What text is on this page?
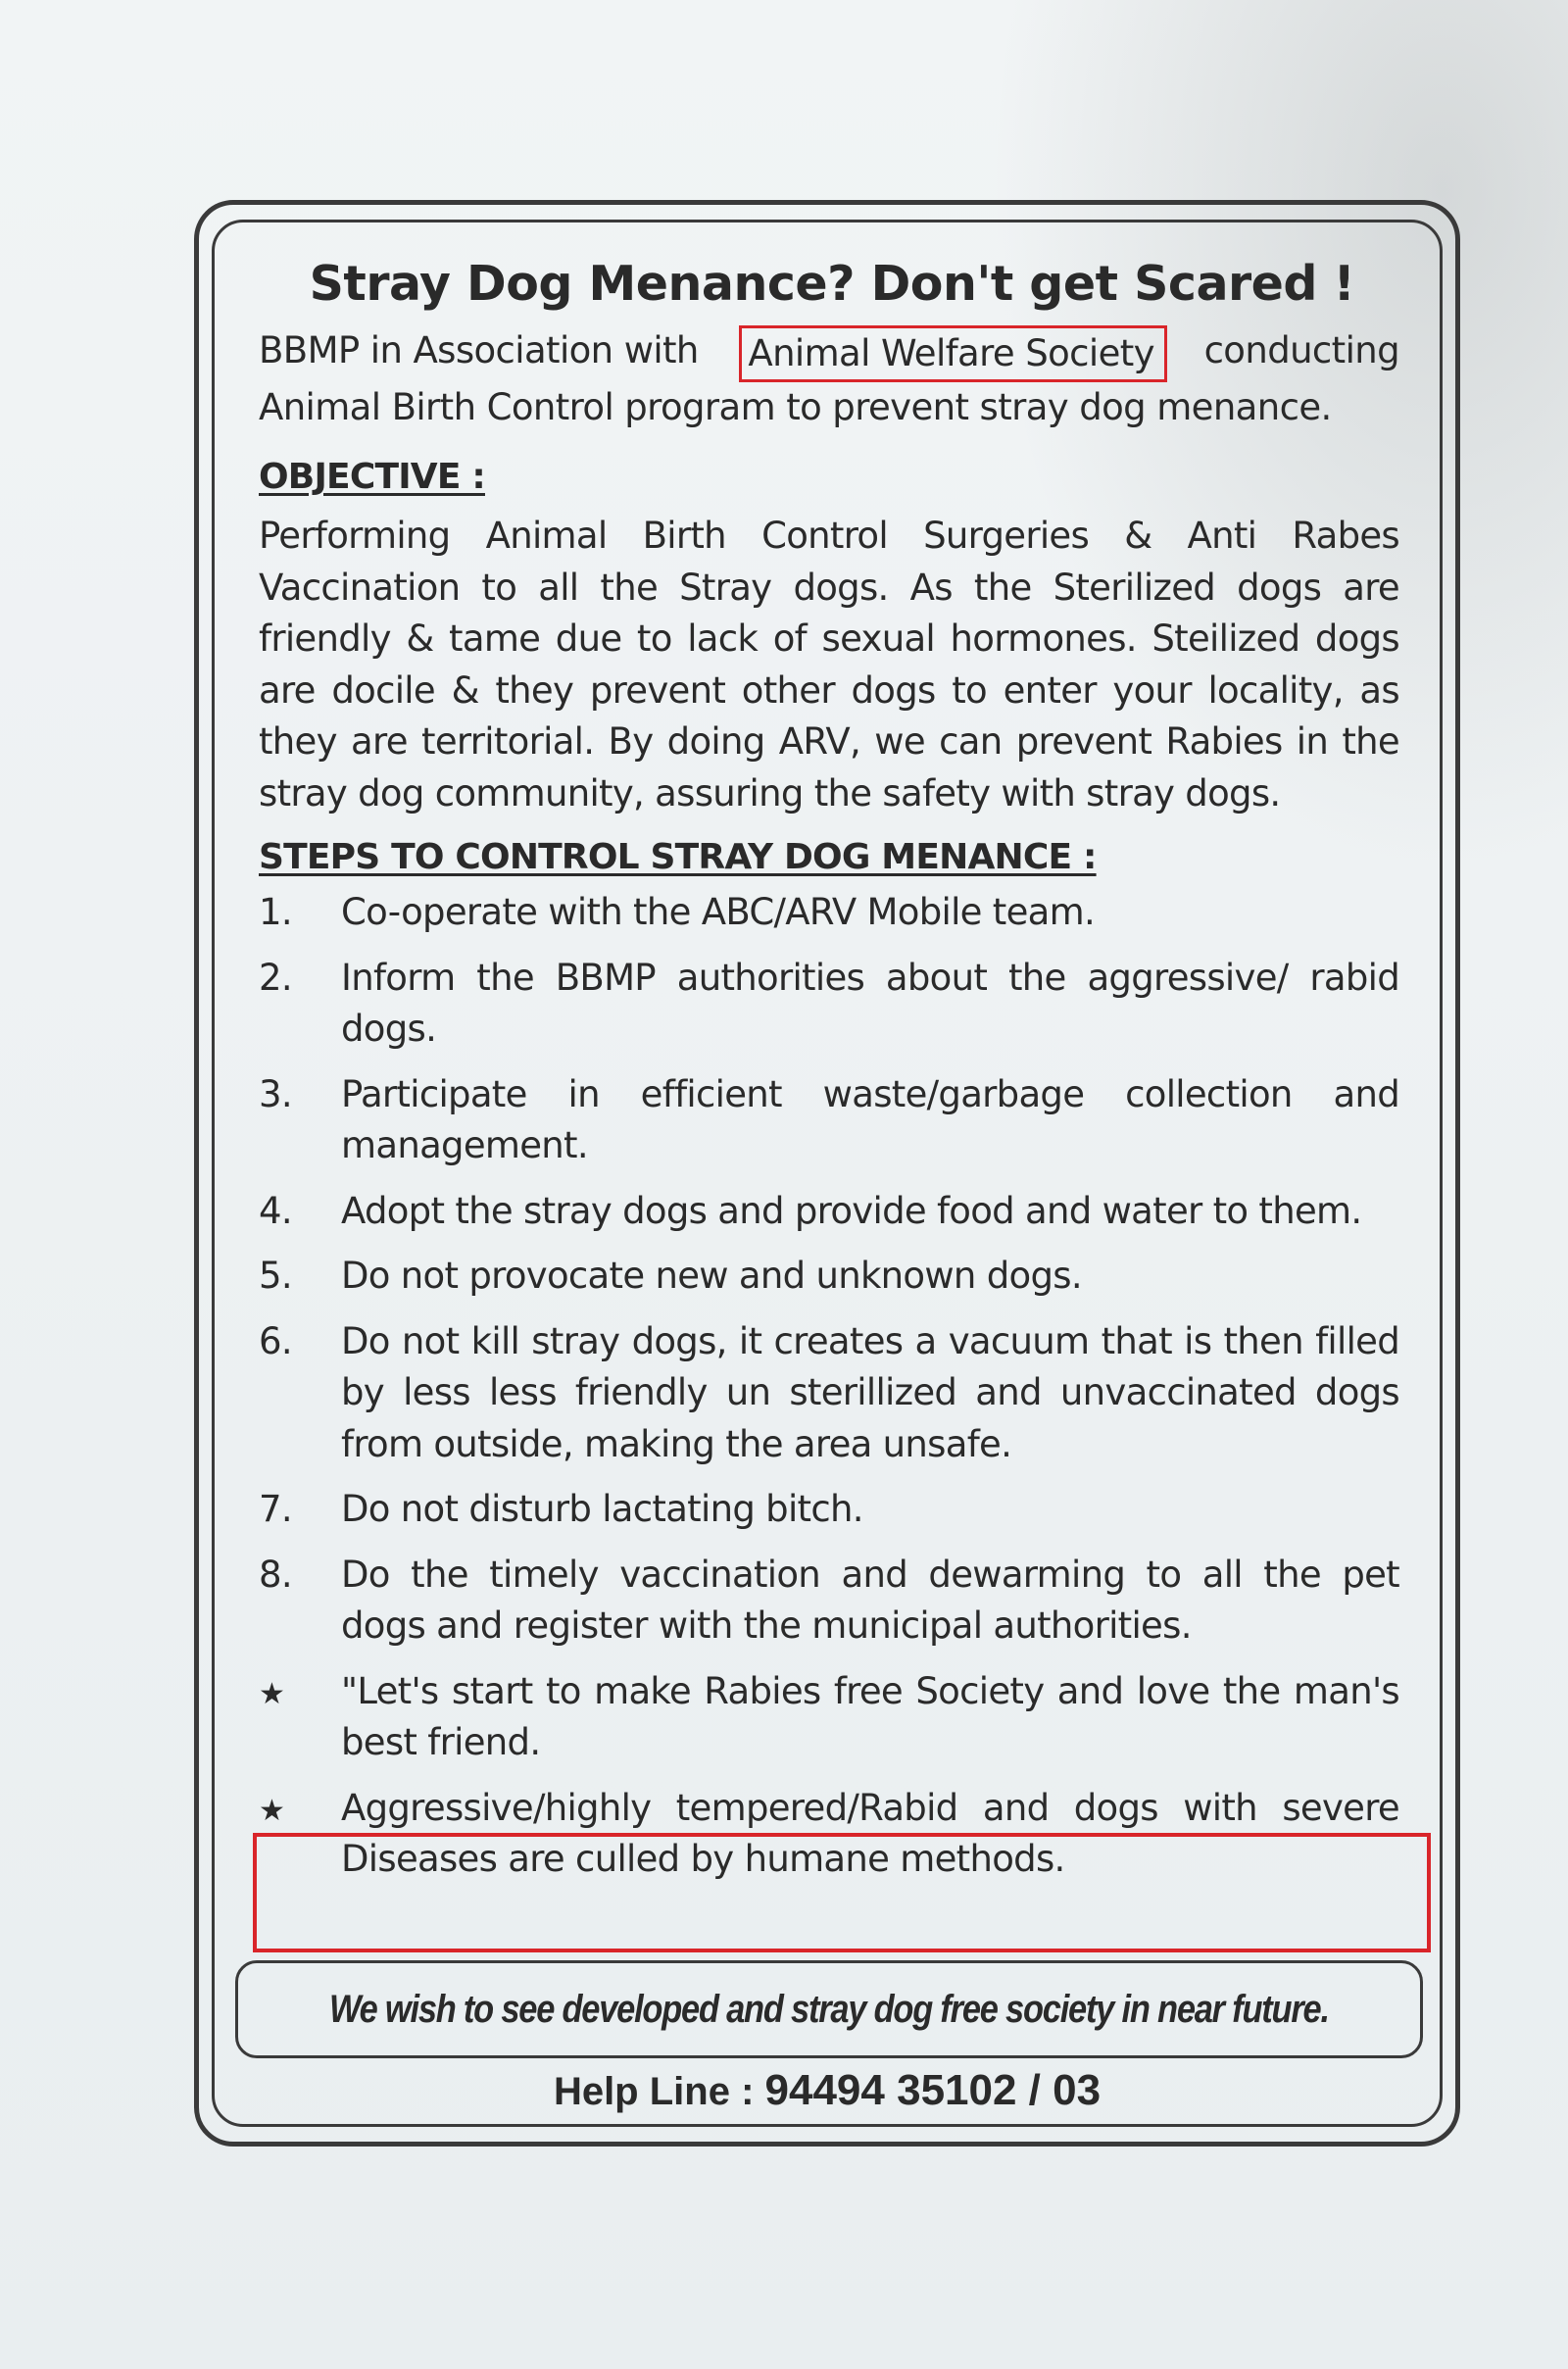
Stray Dog Menance? Don't get Scared !
BBMP in Association with Animal Welfare Society	conducting
Animal Birth Control program to prevent stray dog menance.
OBJECTIVE :
Performing Animal Birth Control Surgeries & Anti Rabes Vaccination to all the Stray dogs. As the Sterilized dogs are friendly & tame due to lack of sexual hormones. Steilized dogs are docile & they prevent other dogs to enter your locality, as they are territorial. By doing ARV, we can prevent Rabies in the stray dog community, assuring the safety with stray dogs.
STEPS TO CONTROL STRAY DOG MENANCE :
1.	Co-operate with the ABC/ARV Mobile team.
2.	Inform the BBMP authorities about the aggressive/ rabid dogs.
3.	Participate in efficient waste/garbage collection and management.
4.	Adopt the stray dogs and provide food and water to them.
5.	Do not provocate new and unknown dogs.
6.	Do not kill stray dogs, it creates a vacuum that is then filled by less less friendly un sterillized and unvaccinated dogs from outside, making the area unsafe.
7.	Do not disturb lactating bitch.
8.	Do the timely vaccination and dewarming to all the pet dogs and register with the municipal authorities.
★	"Let's start to make Rabies free Society and love the man's best friend.
★	Aggressive/highly tempered/Rabid and dogs with severe Diseases are culled by humane methods.
We wish to see developed and stray dog free society in near future.
Help Line : 94494 35102 / 03
